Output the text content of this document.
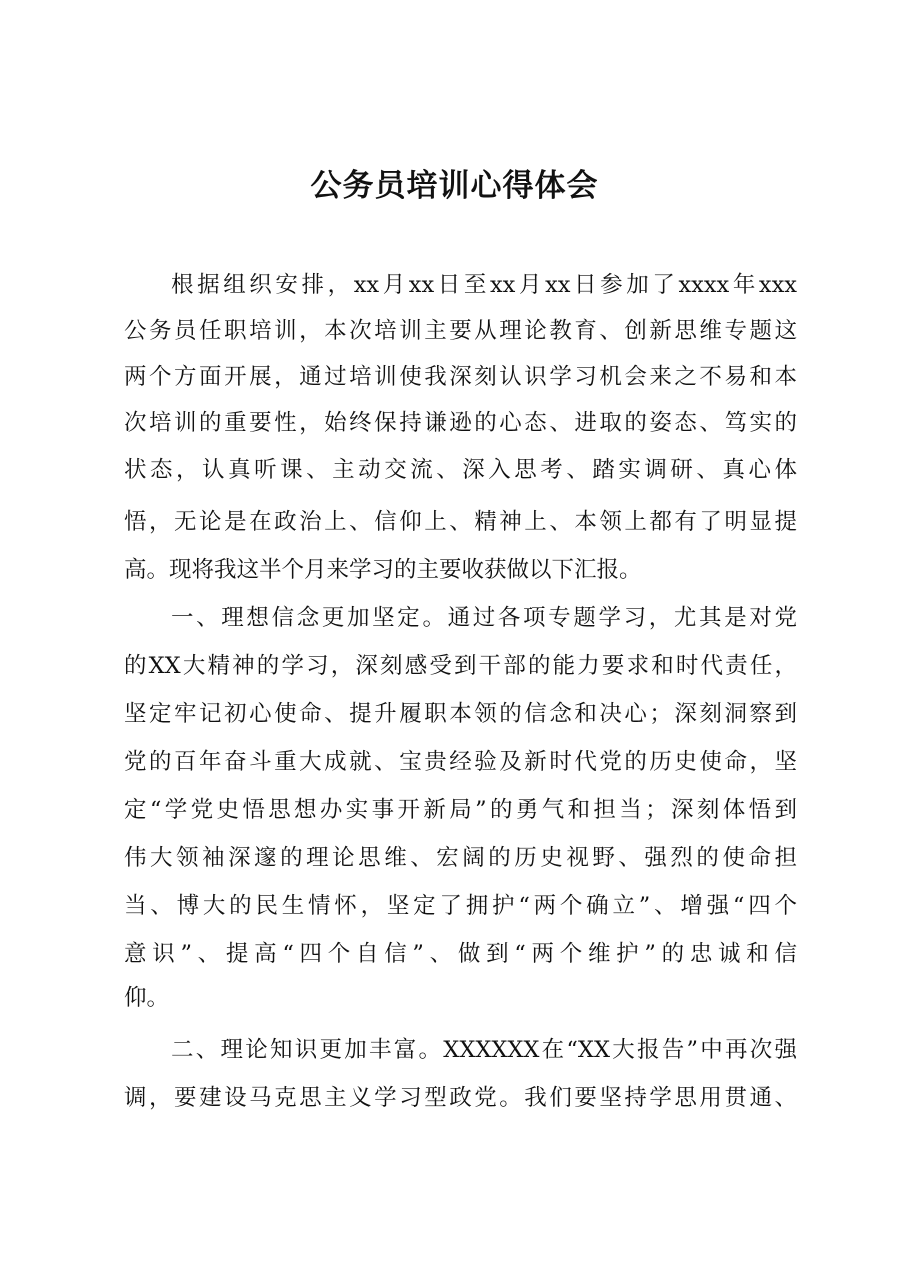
公务员培训心得体会
根据组织安排，xx月xx日至xx月xx日参加了xxxx年xxx
公务员任职培训，本次培训主要从理论教育、创新思维专题这
两个方面开展，通过培训使我深刻认识学习机会来之不易和本
次培训的重要性，始终保持谦逊的心态、进取的姿态、笃实的
状态，认真听课、主动交流、深入思考、踏实调研、真心体
悟，无论是在政治上、信仰上、精神上、本领上都有了明显提
高。现将我这半个月来学习的主要收获做以下汇报。
一、理想信念更加坚定。通过各项专题学习，尤其是对党
的XX大精神的学习，深刻感受到干部的能力要求和时代责任，
坚定牢记初心使命、提升履职本领的信念和决心；深刻洞察到
党的百年奋斗重大成就、宝贵经验及新时代党的历史使命，坚
定“学党史悟思想办实事开新局”的勇气和担当；深刻体悟到
伟大领袖深邃的理论思维、宏阔的历史视野、强烈的使命担
当、博大的民生情怀，坚定了拥护“两个确立”、增强“四个
意识”、提高“四个自信”、做到“两个维护”的忠诚和信
仰。
二、理论知识更加丰富。XXXXXX在“XX大报告”中再次强
调，要建设马克思主义学习型政党。我们要坚持学思用贯通、
